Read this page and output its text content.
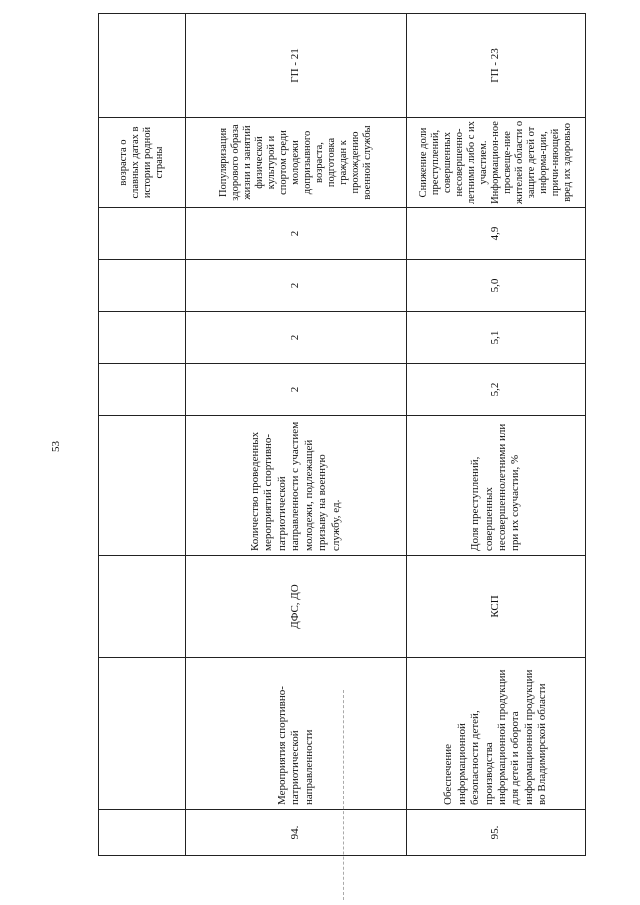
53
								возраста о славных датах в истории родной страны	
94.	Мероприятия спортивно-патриотической направленности	ДФС, ДО	Количество проведенных мероприятий спортивно-патриотической направленности с участием молодежи, подлежащей призыву на военную службу, ед.	2	2	2	2	Популяризация здорового образа жизни и занятий физической культурой и спортом среди молодежи допризывного возраста, подготовка граждан к прохождению военной службы	ГП - 21
95.	Обеспечение информационной безопасности детей, производства информационной продукции для детей и оборота информационной продукции во Владимирской области	КСП	Доля преступлений, совершенных несовершеннолетними или при их соучастии, %	5,2	5,1	5,0	4,9	Снижение доли преступлений, совершенных несовершенно-летними либо с их участием. Информацион-ное просвеще-ние жителей области о защите детей от информа-ции, причи-няющей вред их здоровью	ГП - 23
